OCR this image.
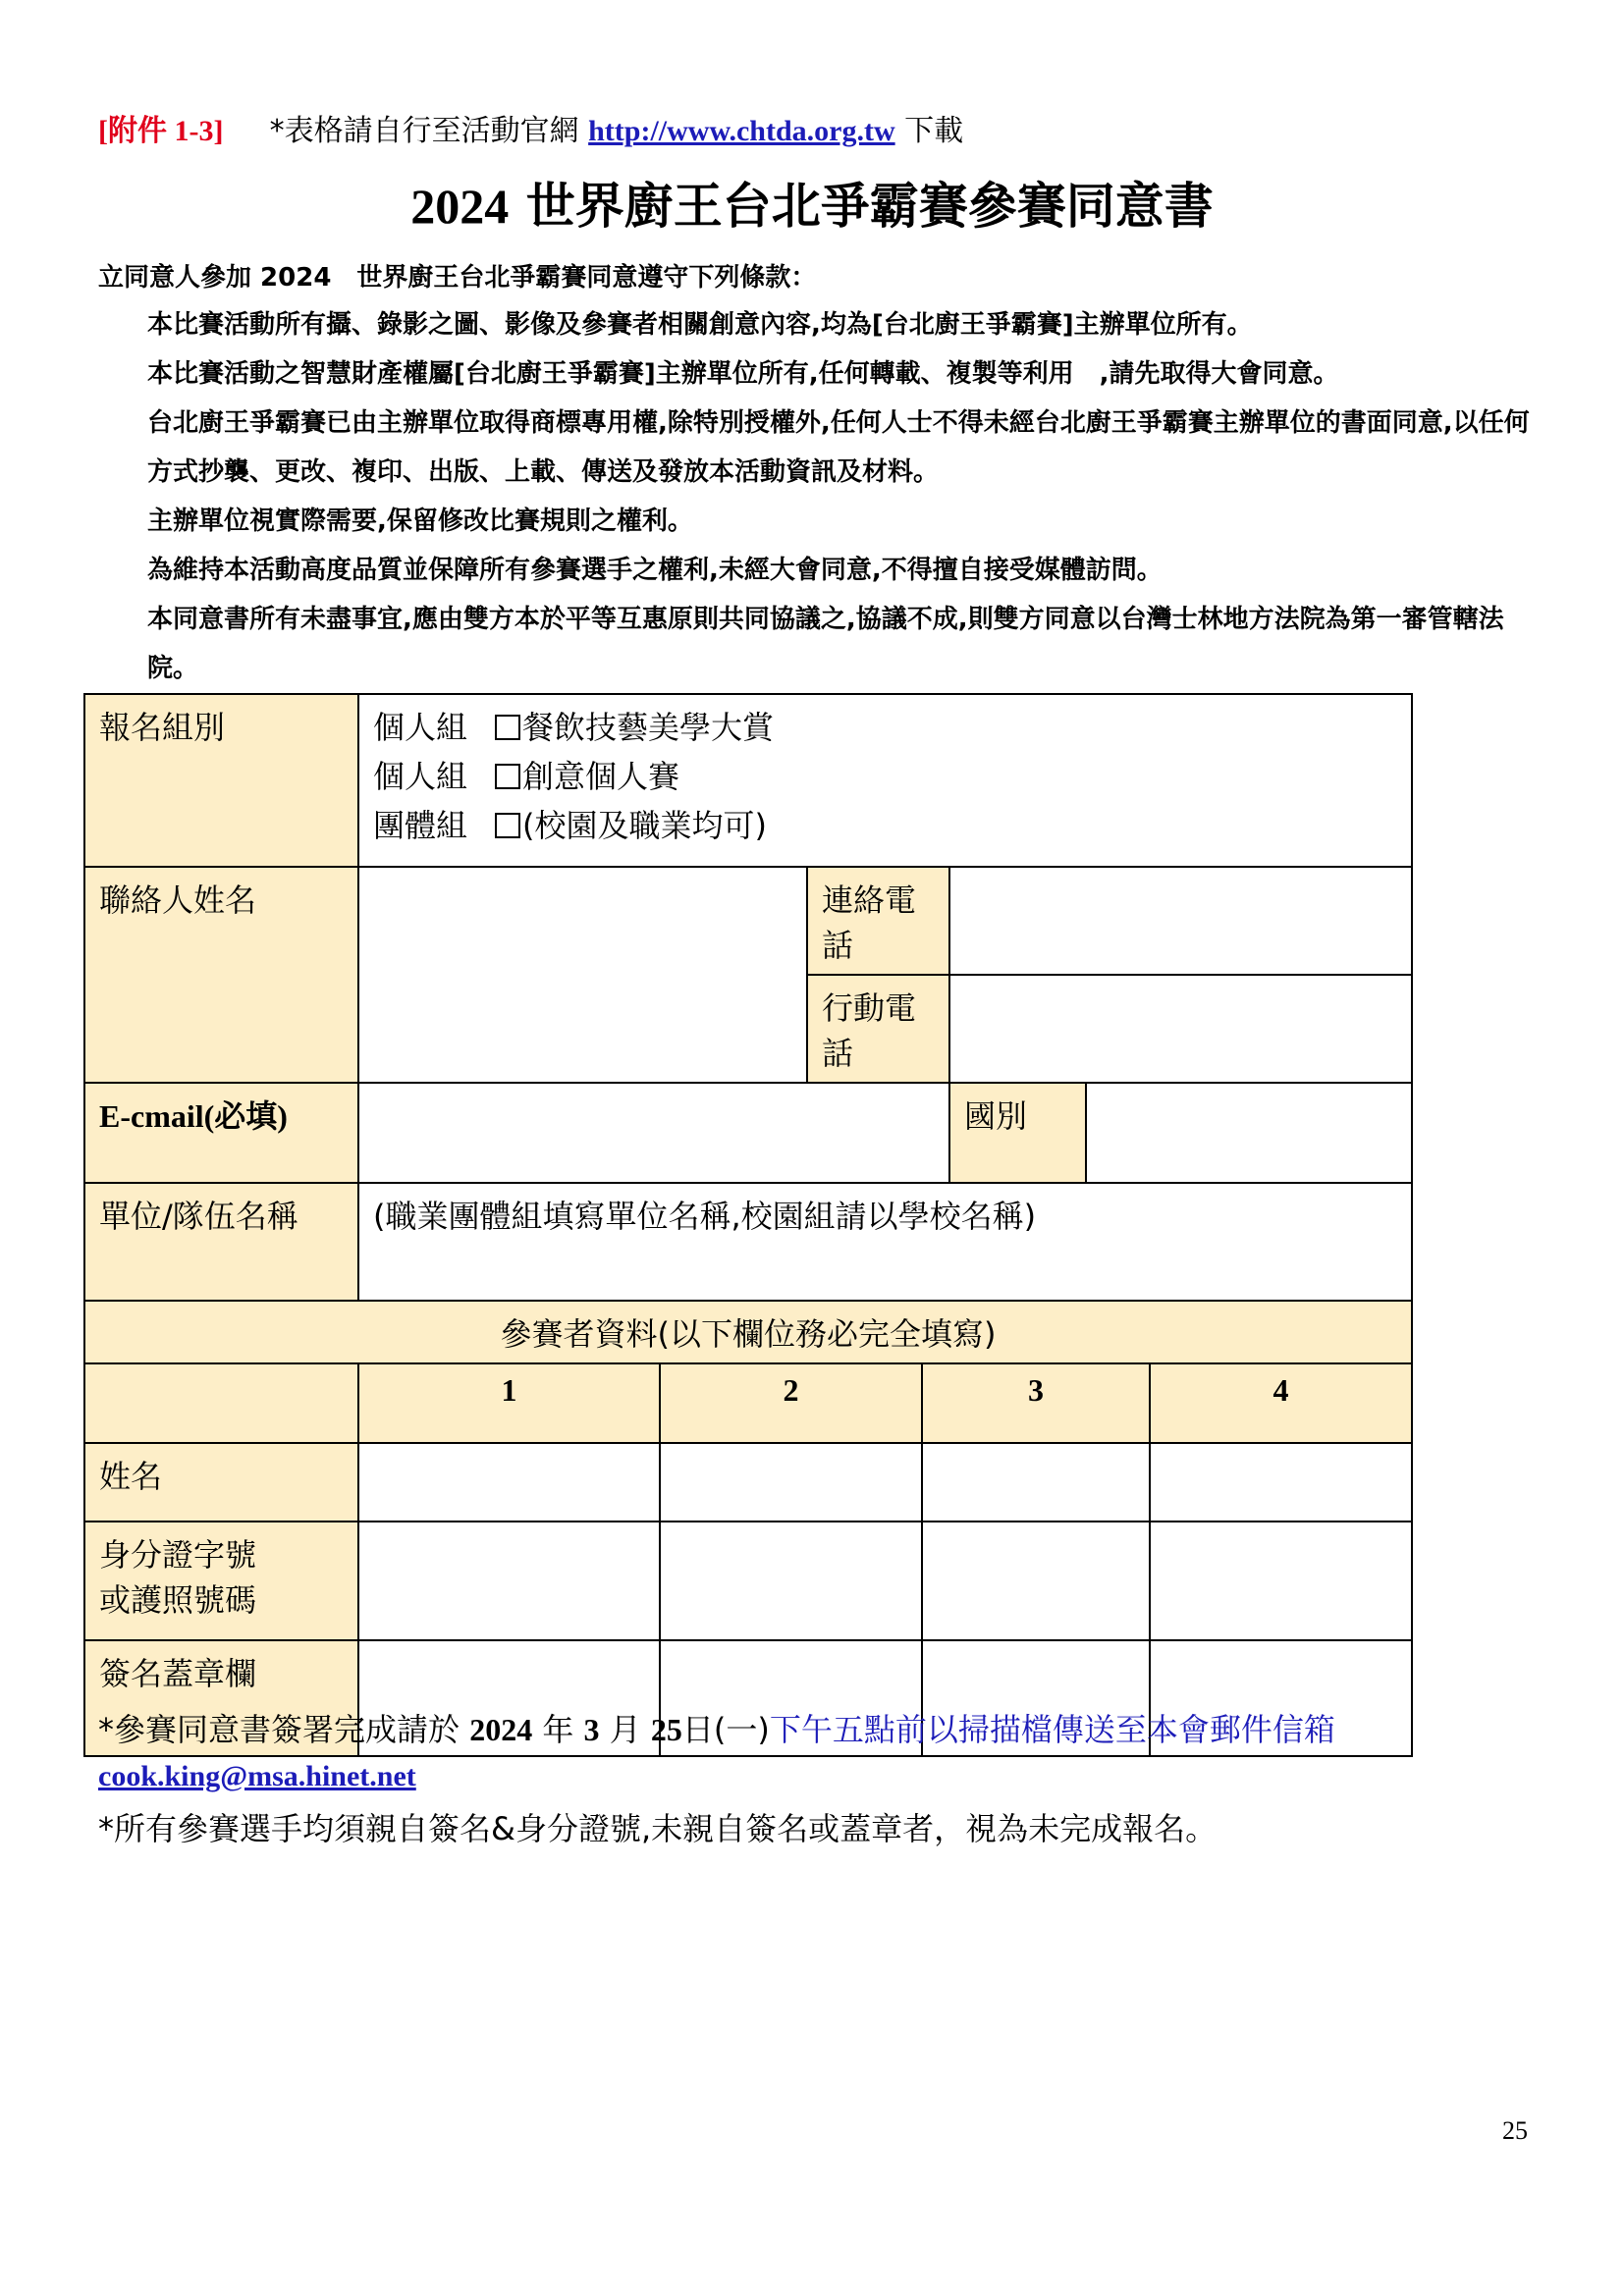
[附件 1-3] *表格請自行至活動官網 http://www.chtda.org.tw 下載
2024 世界廚王台北爭霸賽參賽同意書
立同意人參加 2024　世界廚王台北爭霸賽同意遵守下列條款：
本比賽活動所有攝、錄影之圖、影像及參賽者相關創意內容,均為[台北廚王爭霸賽]主辦單位所有。
本比賽活動之智慧財產權屬[台北廚王爭霸賽]主辦單位所有,任何轉載、複製等利用　,請先取得大會同意。
台北廚王爭霸賽已由主辦單位取得商標專用權,除特別授權外,任何人士不得未經台北廚王爭霸賽主辦單位的書面同意,以任何方式抄襲、更改、複印、出版、上載、傳送及發放本活動資訊及材料。
主辦單位視實際需要,保留修改比賽規則之權利。
為維持本活動高度品質並保障所有參賽選手之權利,未經大會同意,不得擅自接受媒體訪問。
本同意書所有未盡事宜,應由雙方本於平等互惠原則共同協議之,協議不成,則雙方同意以台灣士林地方法院為第一審管轄法院。
報名組別	個人組 餐飲技藝美學大賞
個人組 創意個人賽
團體組 (校園及職業均可)						

聯絡人姓名			連絡電話				
			行動電話				
E-cmail(必填)					國別		
單位/隊伍名稱	(職業團體組填寫單位名稱,校園組請以學校名稱)						
參賽者資料(以下欄位務必完全填寫)							
	1	2		3			4
姓名							

身分證字號
或護照號碼							

簽名蓋章欄							
*參賽同意書簽署完成請於 2024 年 3 月 25日(一)下午五點前以掃描檔傳送至本會郵件信箱
cook.king@msa.hinet.net
*所有參賽選手均須親自簽名&身分證號,未親自簽名或蓋章者，視為未完成報名。
25
